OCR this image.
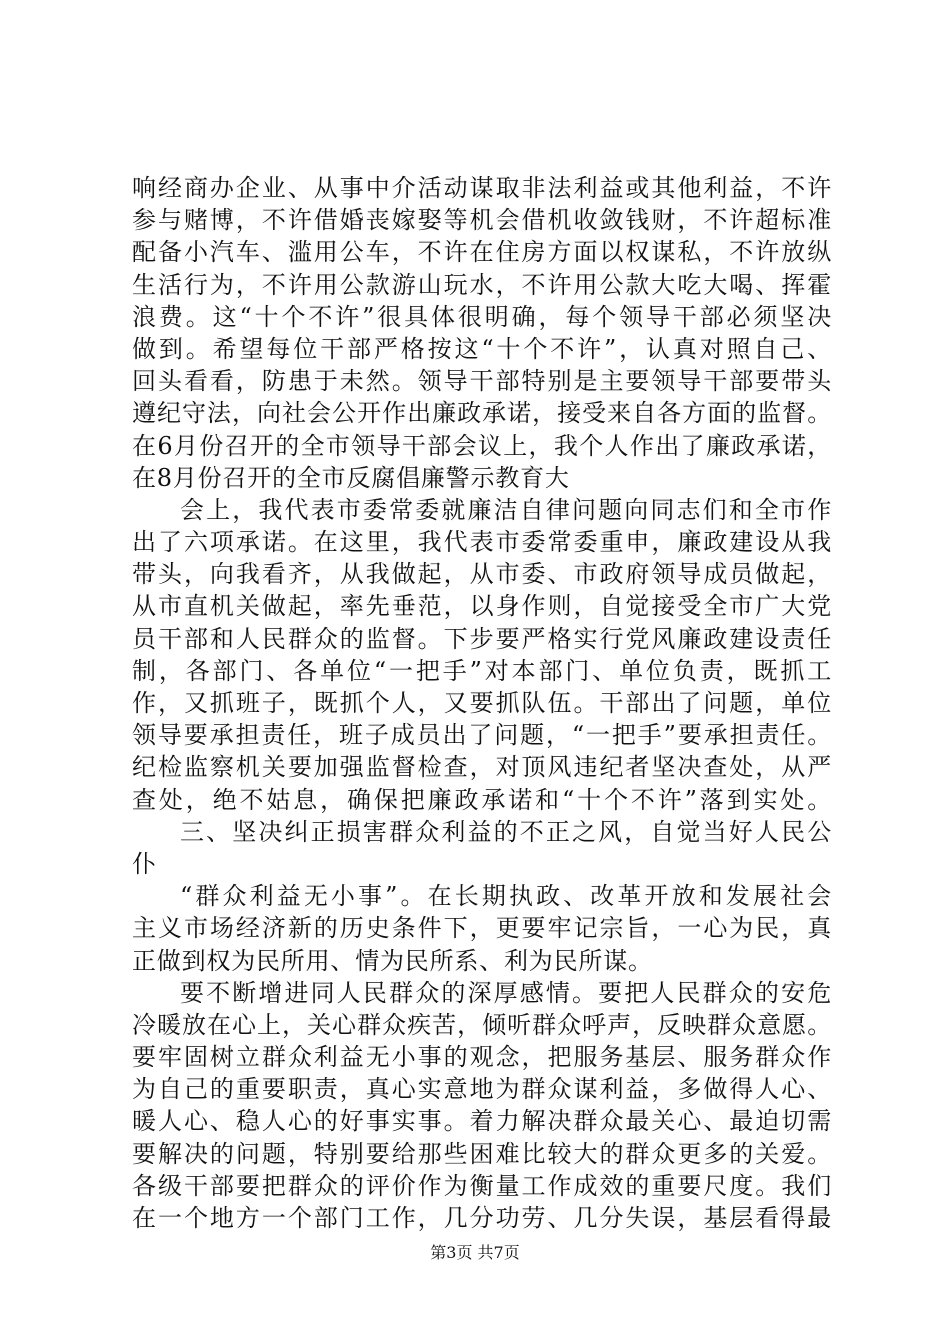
响经商办企业、从事中介活动谋取非法利益或其他利益，不许
参与赌博，不许借婚丧嫁娶等机会借机收敛钱财，不许超标准
配备小汽车、滥用公车，不许在住房方面以权谋私，不许放纵
生活行为，不许用公款游山玩水，不许用公款大吃大喝、挥霍
浪费。这“十个不许”很具体很明确，每个领导干部必须坚决
做到。希望每位干部严格按这“十个不许”，认真对照自己、
回头看看，防患于未然。领导干部特别是主要领导干部要带头
遵纪守法，向社会公开作出廉政承诺，接受来自各方面的监督。
在6月份召开的全市领导干部会议上，我个人作出了廉政承诺，
在8月份召开的全市反腐倡廉警示教育大
会上，我代表市委常委就廉洁自律问题向同志们和全市作
出了六项承诺。在这里，我代表市委常委重申，廉政建设从我
带头，向我看齐，从我做起，从市委、市政府领导成员做起，
从市直机关做起，率先垂范，以身作则，自觉接受全市广大党
员干部和人民群众的监督。下步要严格实行党风廉政建设责任
制，各部门、各单位“一把手”对本部门、单位负责，既抓工
作，又抓班子，既抓个人，又要抓队伍。干部出了问题，单位
领导要承担责任，班子成员出了问题，“一把手”要承担责任。
纪检监察机关要加强监督检查，对顶风违纪者坚决查处，从严
查处，绝不姑息，确保把廉政承诺和“十个不许”落到实处。
三、坚决纠正损害群众利益的不正之风，自觉当好人民公
仆
“群众利益无小事”。在长期执政、改革开放和发展社会
主义市场经济新的历史条件下，更要牢记宗旨，一心为民，真
正做到权为民所用、情为民所系、利为民所谋。
要不断增进同人民群众的深厚感情。要把人民群众的安危
冷暖放在心上，关心群众疾苦，倾听群众呼声，反映群众意愿。
要牢固树立群众利益无小事的观念，把服务基层、服务群众作
为自己的重要职责，真心实意地为群众谋利益，多做得人心、
暖人心、稳人心的好事实事。着力解决群众最关心、最迫切需
要解决的问题，特别要给那些困难比较大的群众更多的关爱。
各级干部要把群众的评价作为衡量工作成效的重要尺度。我们
在一个地方一个部门工作，几分功劳、几分失误，基层看得最
第3页 共7页
